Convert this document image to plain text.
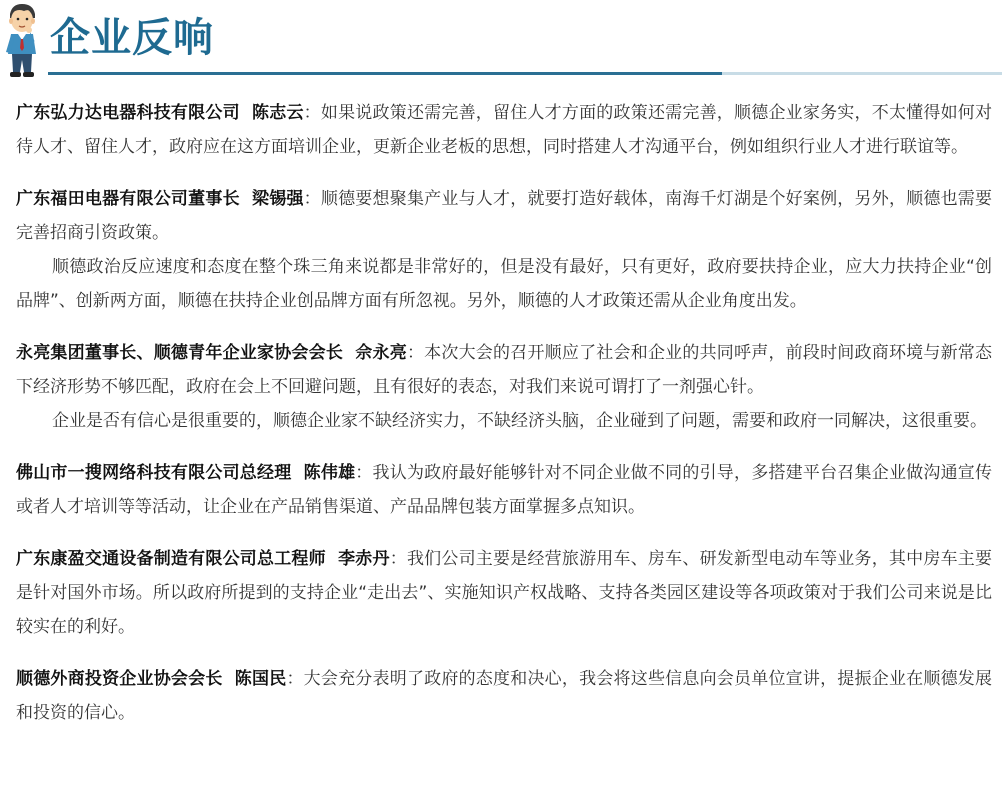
企业反响

广东弘力达电器科技有限公司 陈志云：如果说政策还需完善，留住人才方面的政策还需完善，顺德企业家务实，不太懂得如何对待人才、留住人才，政府应在这方面培训企业，更新企业老板的思想，同时搭建人才沟通平台，例如组织行业人才进行联谊等。

广东福田电器有限公司董事长 梁锡强：顺德要想聚集产业与人才，就要打造好载体，南海千灯湖是个好案例，另外，顺德也需要完善招商引资政策。

顺德政治反应速度和态度在整个珠三角来说都是非常好的，但是没有最好，只有更好，政府要扶持企业，应大力扶持企业“创品牌”、创新两方面，顺德在扶持企业创品牌方面有所忽视。另外，顺德的人才政策还需从企业角度出发。

永亮集团董事长、顺德青年企业家协会会长 佘永亮：本次大会的召开顺应了社会和企业的共同呼声，前段时间政商环境与新常态下经济形势不够匹配，政府在会上不回避问题，且有很好的表态，对我们来说可谓打了一剂强心针。

企业是否有信心是很重要的，顺德企业家不缺经济实力，不缺经济头脑，企业碰到了问题，需要和政府一同解决，这很重要。

佛山市一搜网络科技有限公司总经理 陈伟雄：我认为政府最好能够针对不同企业做不同的引导，多搭建平台召集企业做沟通宣传或者人才培训等等活动，让企业在产品销售渠道、产品品牌包装方面掌握多点知识。

广东康盈交通设备制造有限公司总工程师 李赤丹：我们公司主要是经营旅游用车、房车、研发新型电动车等业务，其中房车主要是针对国外市场。所以政府所提到的支持企业“走出去”、实施知识产权战略、支持各类园区建设等各项政策对于我们公司来说是比较实在的利好。

顺德外商投资企业协会会长 陈国民：大会充分表明了政府的态度和决心，我会将这些信息向会员单位宣讲，提振企业在顺德发展和投资的信心。
